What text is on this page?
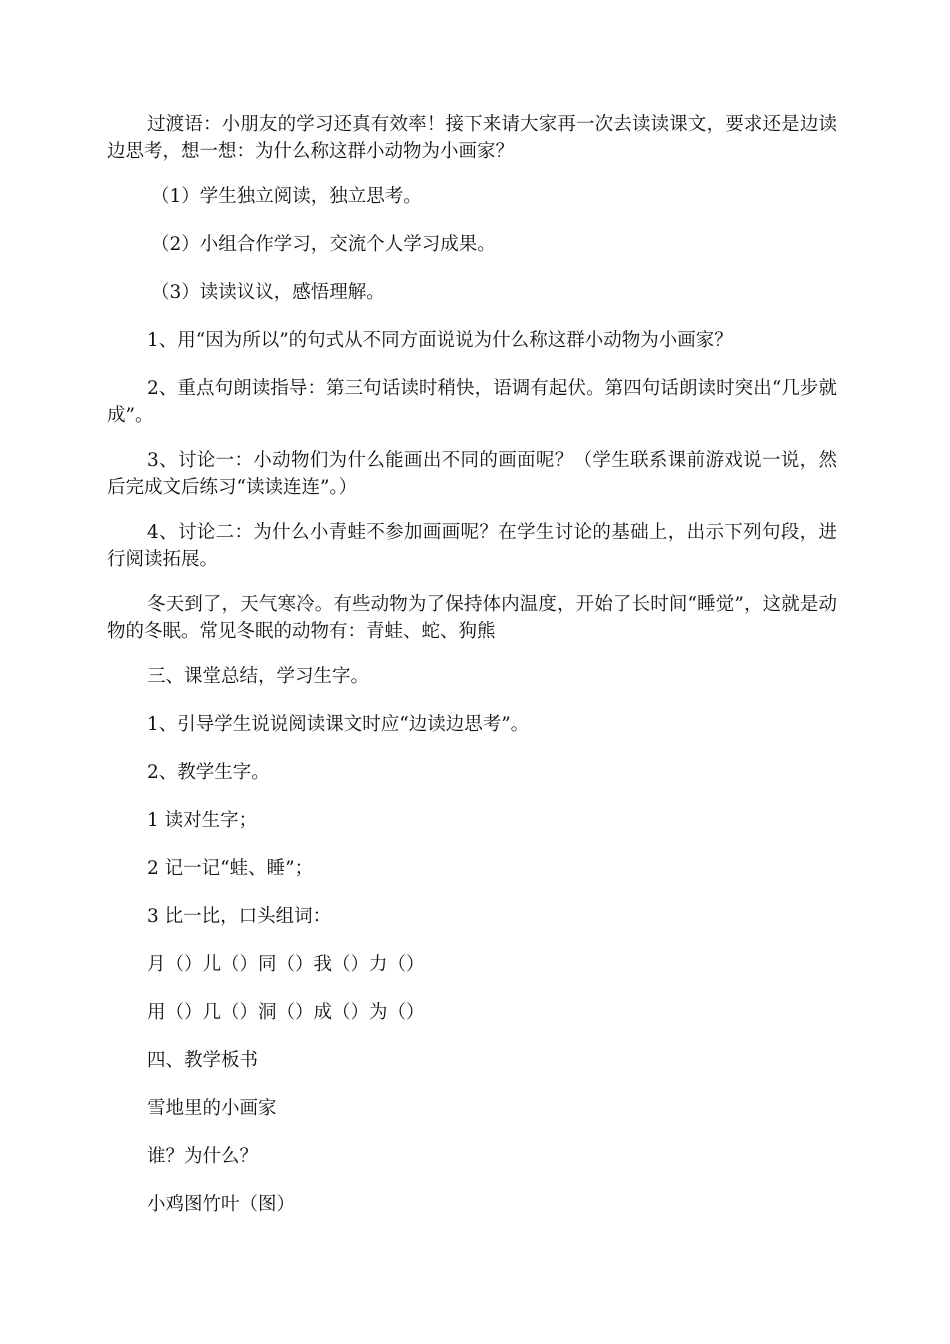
过渡语：小朋友的学习还真有效率！接下来请大家再一次去读读课文，要求还是边读边思考，想一想：为什么称这群小动物为小画家？

（1）学生独立阅读，独立思考。

（2）小组合作学习，交流个人学习成果。

（3）读读议议，感悟理解。

1、用“因为所以”的句式从不同方面说说为什么称这群小动物为小画家？

2、重点句朗读指导：第三句话读时稍快，语调有起伏。第四句话朗读时突出“几步就成”。

3、讨论一：小动物们为什么能画出不同的画面呢？（学生联系课前游戏说一说，然后完成文后练习“读读连连”。）

4、讨论二：为什么小青蛙不参加画画呢？在学生讨论的基础上，出示下列句段，进行阅读拓展。

冬天到了，天气寒冷。有些动物为了保持体内温度，开始了长时间“睡觉”，这就是动物的冬眠。常见冬眠的动物有：青蛙、蛇、狗熊

三、课堂总结，学习生字。

1、引导学生说说阅读课文时应“边读边思考”。

2、教学生字。

1 读对生字；

2 记一记“蛙、睡”；

3 比一比，口头组词：

月（）儿（）同（）我（）力（）

用（）几（）洞（）成（）为（）

四、教学板书

雪地里的小画家

谁？为什么？

小鸡图竹叶（图）
